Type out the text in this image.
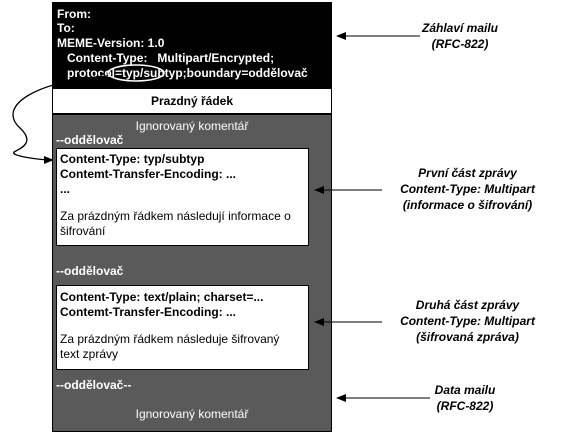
From:
To:
MEME-Version: 1.0
Content-Type:   Multipart/Encrypted;
protocol=typ/subtyp;boundary=oddělovač
Prazdný řádek
Ignorovaný komentář
--oddělovač
Content-Type: typ/subtyp
Contemt-Transfer-Encoding: ...
...
Za prázdným řádkem následují informace o
šifrování
--oddělovač
Content-Type: text/plain; charset=...
Contemt-Transfer-Encoding: ...
Za prázdným řádkem následuje šifrovaný
text zprávy
--oddělovač--
Ignorovaný komentář
Záhlaví mailu
(RFC-822)
První část zprávy
Content-Type: Multipart
(informace o šifrování)
Druhá část zprávy
Content-Type: Multipart
(šifrovaná zpráva)
Data mailu
(RFC-822)
